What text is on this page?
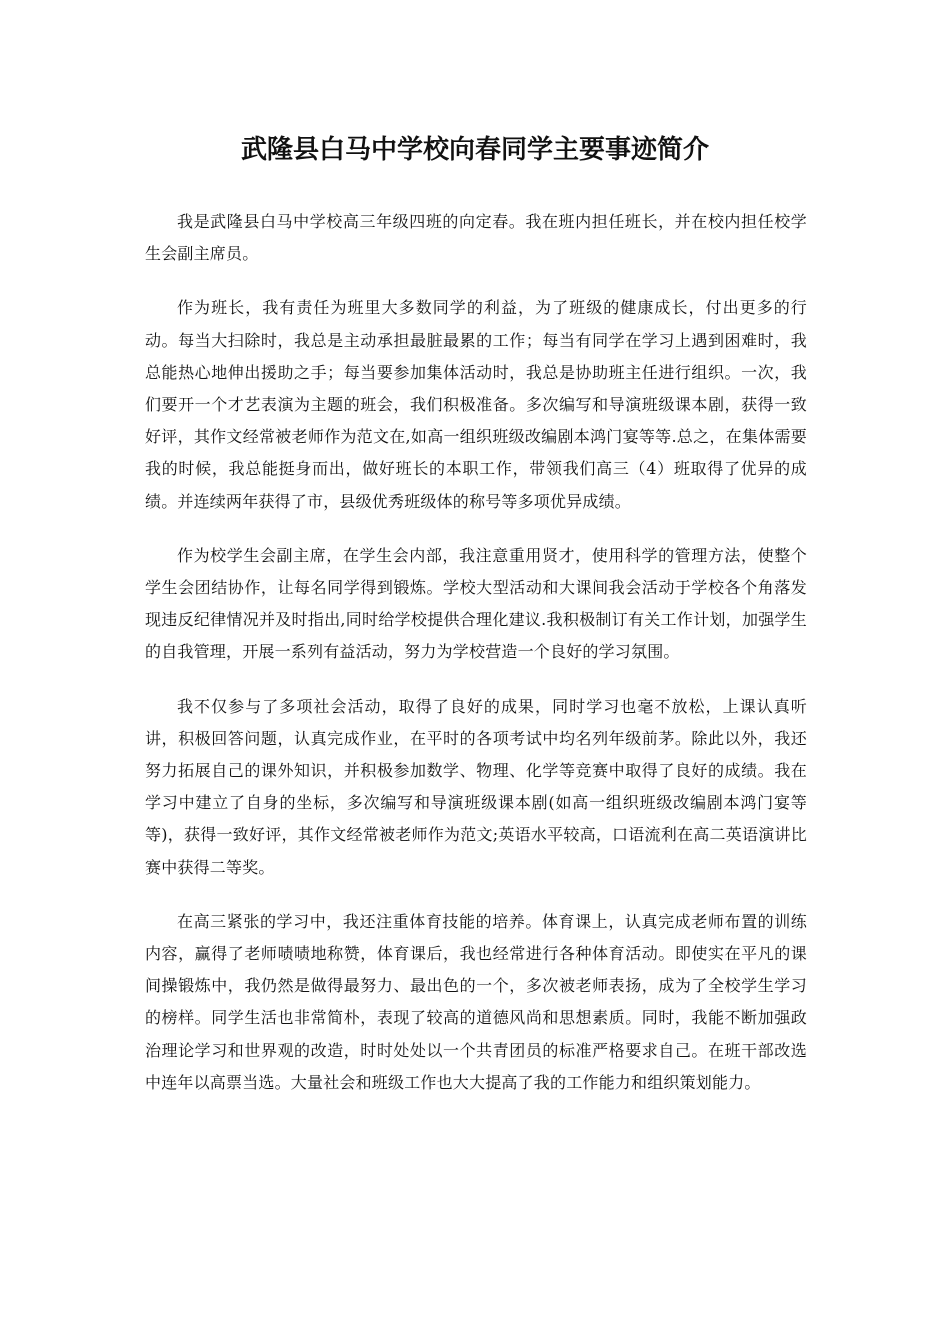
武隆县白马中学校向春同学主要事迹简介

我是武隆县白马中学校高三年级四班的向定春。我在班内担任班长，并在校内担任校学生会副主席员。

作为班长，我有责任为班里大多数同学的利益，为了班级的健康成长，付出更多的行动。每当大扫除时，我总是主动承担最脏最累的工作；每当有同学在学习上遇到困难时，我总能热心地伸出援助之手；每当要参加集体活动时，我总是协助班主任进行组织。一次，我们要开一个才艺表演为主题的班会，我们积极准备。多次编写和导演班级课本剧，获得一致好评，其作文经常被老师作为范文在,如高一组织班级改编剧本鸿门宴等等.总之，在集体需要我的时候，我总能挺身而出，做好班长的本职工作，带领我们高三（4）班取得了优异的成绩。并连续两年获得了市，县级优秀班级体的称号等多项优异成绩。

作为校学生会副主席，在学生会内部，我注意重用贤才，使用科学的管理方法，使整个学生会团结协作，让每名同学得到锻炼。学校大型活动和大课间我会活动于学校各个角落发现违反纪律情况并及时指出,同时给学校提供合理化建议.我积极制订有关工作计划，加强学生的自我管理，开展一系列有益活动，努力为学校营造一个良好的学习氛围。

我不仅参与了多项社会活动，取得了良好的成果，同时学习也毫不放松，上课认真听讲，积极回答问题，认真完成作业，在平时的各项考试中均名列年级前茅。除此以外，我还努力拓展自己的课外知识，并积极参加数学、物理、化学等竞赛中取得了良好的成绩。我在学习中建立了自身的坐标，多次编写和导演班级课本剧(如高一组织班级改编剧本鸿门宴等等)，获得一致好评，其作文经常被老师作为范文;英语水平较高，口语流利在高二英语演讲比赛中获得二等奖。

在高三紧张的学习中，我还注重体育技能的培养。体育课上，认真完成老师布置的训练内容，赢得了老师啧啧地称赞，体育课后，我也经常进行各种体育活动。即使实在平凡的课间操锻炼中，我仍然是做得最努力、最出色的一个，多次被老师表扬，成为了全校学生学习的榜样。同学生活也非常简朴，表现了较高的道德风尚和思想素质。同时，我能不断加强政治理论学习和世界观的改造，时时处处以一个共青团员的标准严格要求自己。在班干部改选中连年以高票当选。大量社会和班级工作也大大提高了我的工作能力和组织策划能力。
